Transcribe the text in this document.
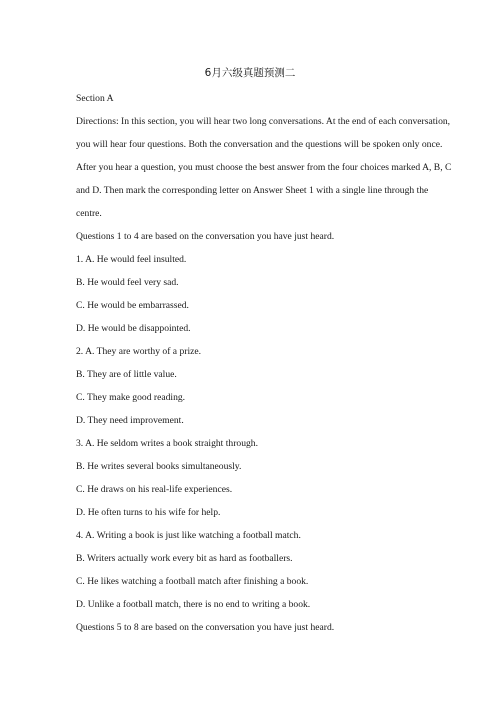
6月六级真题预测二
Section A
Directions: In this section, you will hear two long conversations. At the end of each conversation,
you will hear four questions. Both the conversation and the questions will be spoken only once.
After you hear a question, you must choose the best answer from the four choices marked A, B, C
and D. Then mark the corresponding letter on Answer Sheet 1 with a single line through the
centre.
Questions 1 to 4 are based on the conversation you have just heard.
1. A. He would feel insulted.
B. He would feel very sad.
C. He would be embarrassed.
D. He would be disappointed.
2. A. They are worthy of a prize.
B. They are of little value.
C. They make good reading.
D. They need improvement.
3. A. He seldom writes a book straight through.
B. He writes several books simultaneously.
C. He draws on his real-life experiences.
D. He often turns to his wife for help.
4. A. Writing a book is just like watching a football match.
B. Writers actually work every bit as hard as footballers.
C. He likes watching a football match after finishing a book.
D. Unlike a football match, there is no end to writing a book.
Questions 5 to 8 are based on the conversation you have just heard.
